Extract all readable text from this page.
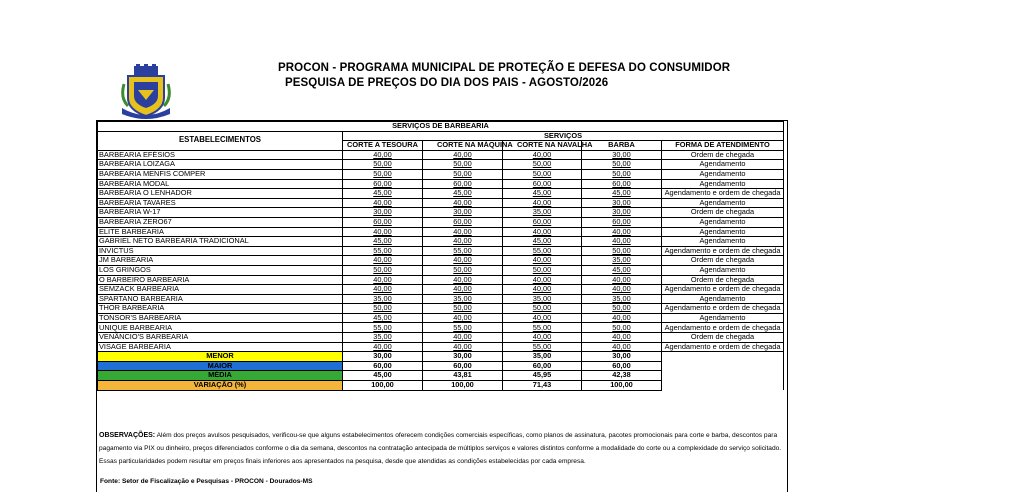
PROCON - PROGRAMA MUNICIPAL DE PROTEÇÃO E DEFESA DO CONSUMIDOR
PESQUISA DE PREÇOS DO DIA DOS PAIS - AGOSTO/2026
SERVIÇOS DE BARBEARIA					
ESTABELECIMENTOS	SERVIÇOS				
	CORTE A TESOURA	CORTE NA MÁQUINA	CORTE NA NAVALHA	BARBA	FORMA DE ATENDIMENTO
BARBEARIA EFÉSIOS	40,00	40,00	40,00	30,00	Ordem de chegada
BARBEARIA LOIZAGA	50,00	50,00	50,00	50,00	Agendamento
BARBEARIA MENFIS COMPER	50,00	50,00	50,00	50,00	Agendamento
BARBEARIA MODAL	60,00	60,00	60,00	60,00	Agendamento
BARBEARIA O LENHADOR	45,00	45,00	45,00	45,00	Agendamento e ordem de chegada
BARBEARIA TAVARES	40,00	40,00	40,00	30,00	Agendamento
BARBEARIA W-17	30,00	30,00	35,00	30,00	Ordem de chegada
BARBEARIA ZERO67	60,00	60,00	60,00	60,00	Agendamento
ELITE BARBEARIA	40,00	40,00	40,00	40,00	Agendamento
GABRIEL NETO BARBEARIA TRADICIONAL	45,00	40,00	45,00	40,00	Agendamento
INVICTUS	55,00	55,00	55,00	50,00	Agendamento e ordem de chegada
JM BARBEARIA	40,00	40,00	40,00	35,00	Ordem de chegada
LOS GRINGOS	50,00	50,00	50,00	45,00	Agendamento
O BARBEIRO BARBEARIA	40,00	40,00	40,00	40,00	Ordem de chegada
SEMZACK BARBEARIA	40,00	40,00	40,00	40,00	Agendamento e ordem de chegada
SPARTANO BARBEARIA	35,00	35,00	35,00	35,00	Agendamento
THOR BARBEARIA	50,00	50,00	50,00	50,00	Agendamento e ordem de chegada
TONSOR'S BARBEARIA	45,00	40,00	40,00	40,00	Agendamento
UNIQUE BARBEARIA	55,00	55,00	55,00	50,00	Agendamento e ordem de chegada
VENÂNCIO'S BARBEARIA	35,00	40,00	40,00	40,00	Ordem de chegada
VISAGE BARBEARIA	40,00	40,00	55,00	40,00	Agendamento e ordem de chegada
MENOR	30,00	30,00	35,00	30,00	
MAIOR	60,00	60,00	60,00	60,00	
MÉDIA	45,00	43,81	45,95	42,38	
VARIAÇÃO (%)	100,00	100,00	71,43	100,00	
OBSERVAÇÕES: Além dos preços avulsos pesquisados, verificou-se que alguns estabelecimentos oferecem condições comerciais específicas, como planos de assinatura, pacotes promocionais para corte e barba, descontos para pagamento via PIX ou dinheiro, preços diferenciados conforme o dia da semana, descontos na contratação antecipada de múltiplos serviços e valores distintos conforme a modalidade do corte ou a complexidade do serviço solicitado. Essas particularidades podem resultar em preços finais inferiores aos apresentados na pesquisa, desde que atendidas as condições estabelecidas por cada empresa.
Fonte: Setor de Fiscalização e Pesquisas - PROCON - Dourados-MS
